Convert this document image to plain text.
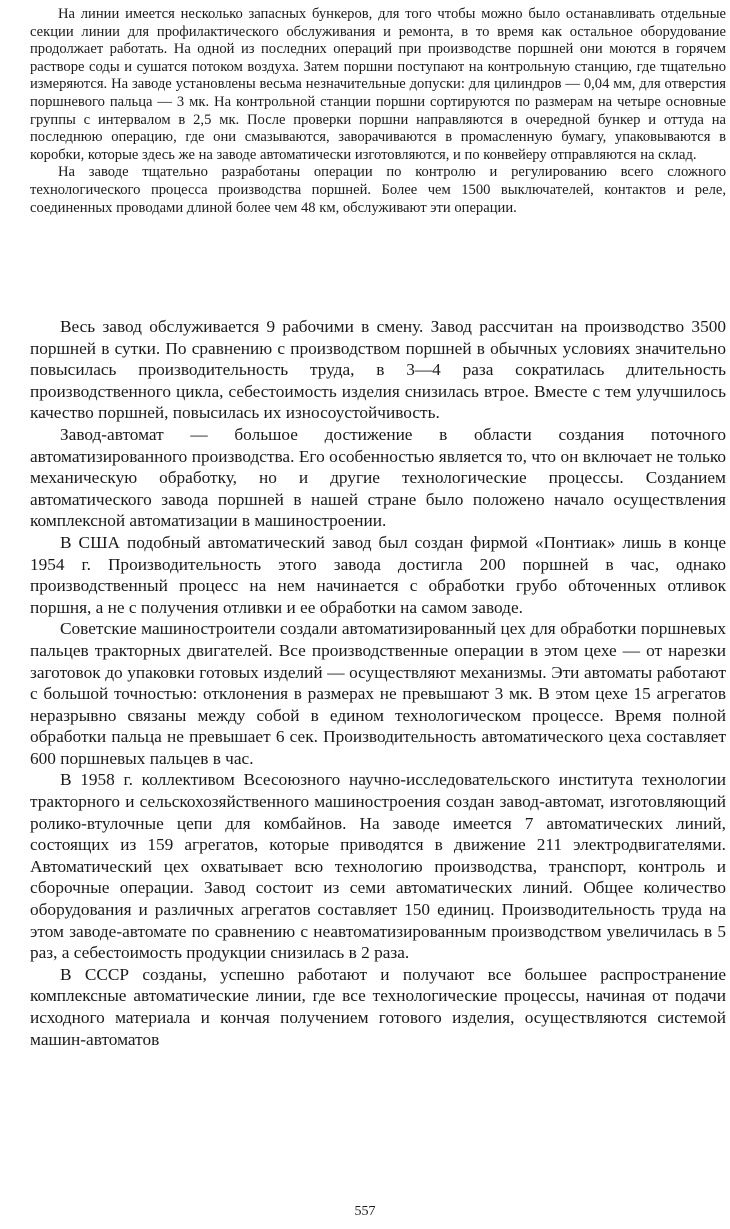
На линии имеется несколько запасных бункеров, для того чтобы можно было останавливать отдельные секции линии для профилактического обслуживания и ремонта, в то время как остальное оборудование продолжает работать. На одной из последних операций при производстве поршней они моются в горячем растворе соды и сушатся потоком воздуха. Затем поршни поступают на контрольную станцию, где тщательно измеряются. На заводе установлены весьма незначительные допуски: для цилиндров — 0,04 мм, для отверстия поршневого пальца — 3 мк. На контрольной станции поршни сортируются по размерам на четыре основные группы с интервалом в 2,5 мк. После проверки поршни направляются в очередной бункер и оттуда на последнюю операцию, где они смазываются, заворачиваются в промасленную бумагу, упаковываются в коробки, которые здесь же на заводе автоматически изготовляются, и по конвейеру отправляются на склад.

На заводе тщательно разработаны операции по контролю и регулированию всего сложного технологического процесса производства поршней. Более чем 1500 выключателей, контактов и реле, соединенных проводами длиной более чем 48 км, обслуживают эти операции.

Весь завод обслуживается 9 рабочими в смену. Завод рассчитан на производство 3500 поршней в сутки. По сравнению с производством поршней в обычных условиях значительно повысилась производительность труда, в 3—4 раза сократилась длительность производственного цикла, себестоимость изделия снизилась втрое. Вместе с тем улучшилось качество поршней, повысилась их износоустойчивость.

Завод-автомат — большое достижение в области создания поточного автоматизированного производства. Его особенностью является то, что он включает не только механическую обработку, но и другие технологические процессы. Созданием автоматического завода поршней в нашей стране было положено начало осуществления комплексной автоматизации в машиностроении.

В США подобный автоматический завод был создан фирмой «Понтиак» лишь в конце 1954 г. Производительность этого завода достигла 200 поршней в час, однако производственный процесс на нем начинается с обработки грубо обточенных отливок поршня, а не с получения отливки и ее обработки на самом заводе.

Советские машиностроители создали автоматизированный цех для обработки поршневых пальцев тракторных двигателей. Все производственные операции в этом цехе — от нарезки заготовок до упаковки готовых изделий — осуществляют механизмы. Эти автоматы работают с большой точностью: отклонения в размерах не превышают 3 мк. В этом цехе 15 агрегатов неразрывно связаны между собой в едином технологическом процессе. Время полной обработки пальца не превышает 6 сек. Производительность автоматического цеха составляет 600 поршневых пальцев в час.

В 1958 г. коллективом Всесоюзного научно-исследовательского института технологии тракторного и сельскохозяйственного машиностроения создан завод-автомат, изготовляющий ролико-втулочные цепи для комбайнов. На заводе имеется 7 автоматических линий, состоящих из 159 агрегатов, которые приводятся в движение 211 электродвигателями. Автоматический цех охватывает всю технологию производства, транспорт, контроль и сборочные операции. Завод состоит из семи автоматических линий. Общее количество оборудования и различных агрегатов составляет 150 единиц. Производительность труда на этом заводе-автомате по сравнению с неавтоматизированным производством увеличилась в 5 раз, а себестоимость продукции снизилась в 2 раза.

В СССР созданы, успешно работают и получают все большее распространение комплексные автоматические линии, где все технологические процессы, начиная от подачи исходного материала и кончая получением готового изделия, осуществляются системой машин-автоматов

557
